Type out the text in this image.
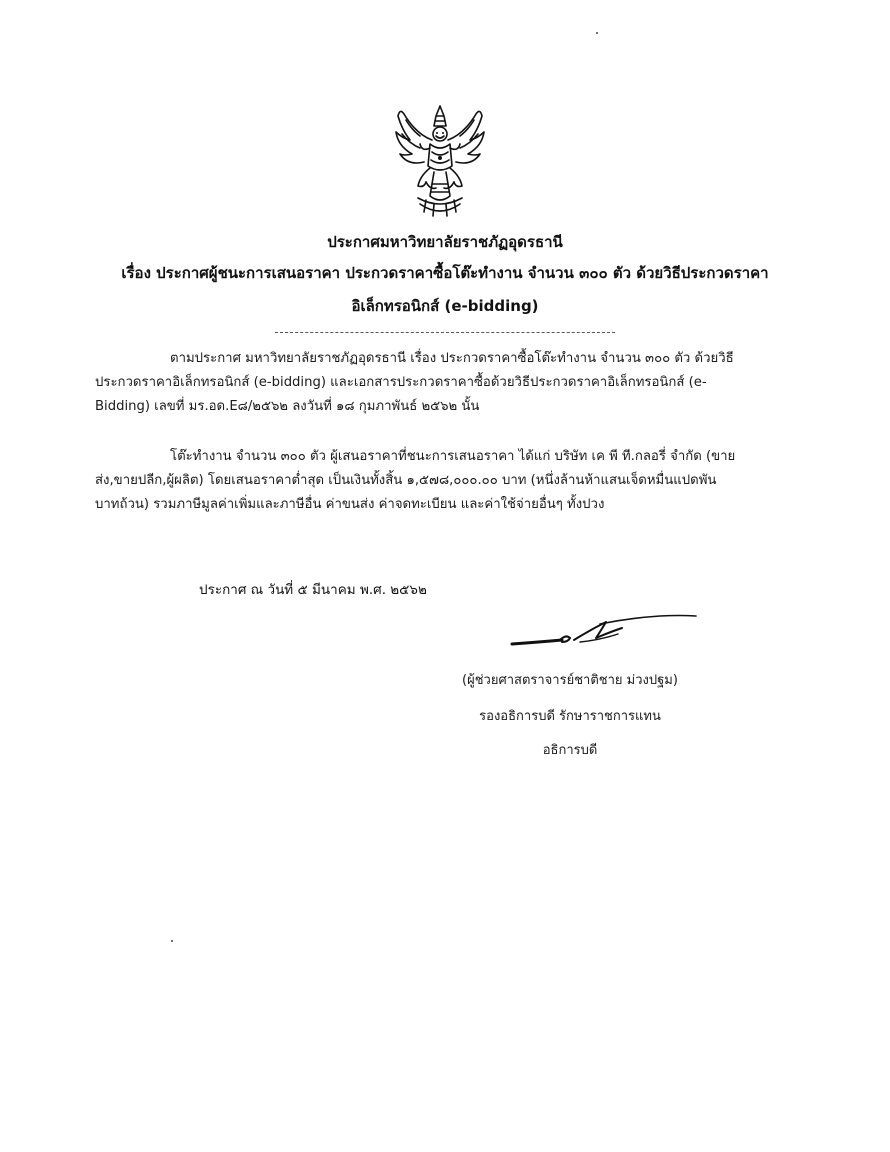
ประกาศมหาวิทยาลัยราชภัฏอุดรธานี
เรื่อง ประกาศผู้ชนะการเสนอราคา ประกวดราคาซื้อโต๊ะทำงาน จำนวน ๓๐๐ ตัว ด้วยวิธีประกวดราคา
อิเล็กทรอนิกส์ (e-bidding)
ตามประกาศ มหาวิทยาลัยราชภัฏอุดรธานี เรื่อง ประกวดราคาซื้อโต๊ะทำงาน จำนวน ๓๐๐ ตัว ด้วยวิธี
ประกวดราคาอิเล็กทรอนิกส์ (e-bidding) และเอกสารประกวดราคาซื้อด้วยวิธีประกวดราคาอิเล็กทรอนิกส์ (e-
Bidding) เลขที่ มร.อด.E๘/๒๕๖๒ ลงวันที่ ๑๘ กุมภาพันธ์ ๒๕๖๒ นั้น
โต๊ะทำงาน จำนวน ๓๐๐ ตัว ผู้เสนอราคาที่ชนะการเสนอราคา ได้แก่ บริษัท เค พี ที.กลอรี่ จำกัด (ขาย
ส่ง,ขายปลีก,ผู้ผลิต) โดยเสนอราคาต่ำสุด เป็นเงินทั้งสิ้น ๑,๕๗๘,๐๐๐.๐๐ บาท (หนึ่งล้านห้าแสนเจ็ดหมื่นแปดพัน
บาทถ้วน) รวมภาษีมูลค่าเพิ่มและภาษีอื่น ค่าขนส่ง ค่าจดทะเบียน และค่าใช้จ่ายอื่นๆ ทั้งปวง
ประกาศ ณ วันที่ ๕ มีนาคม พ.ศ. ๒๕๖๒
(ผู้ช่วยศาสตราจารย์ชาติชาย ม่วงปฐม)
รองอธิการบดี รักษาราชการแทน
อธิการบดี
